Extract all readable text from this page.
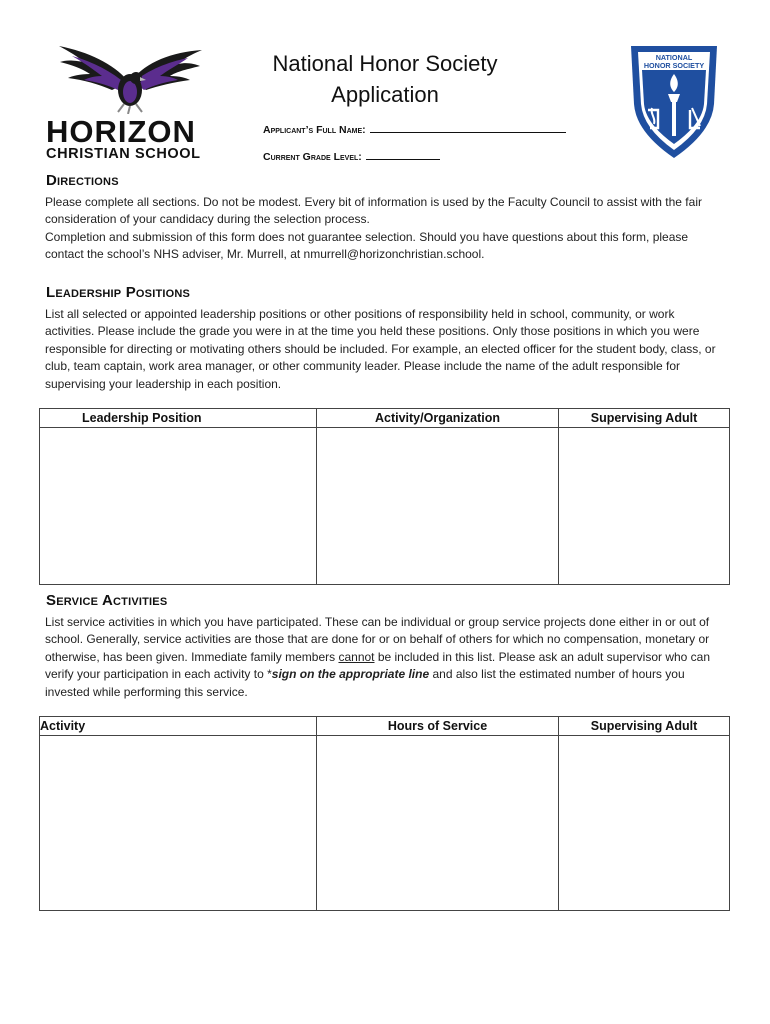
HORIZON
CHRISTIAN SCHOOL
National Honor Society
Application
Applicant’s Full Name:
Current Grade Level:
NATIONAL
HONOR SOCIETY
Directions

Please complete all sections. Do not be modest. Every bit of information is used by the Faculty Council to assist with the fair consideration of your candidacy during the selection process.

Completion and submission of this form does not guarantee selection. Should you have questions about this form, please contact the school’s NHS adviser, Mr. Murrell, at nmurrell@horizonchristian.school.

Leadership Positions

List all selected or appointed leadership positions or other positions of responsibility held in school, community, or work activities. Please include the grade you were in at the time you held these positions. Only those positions in which you were responsible for directing or motivating others should be included. For example, an elected officer for the student body, class, or club, team captain, work area manager, or other community leader. Please include the name of the adult responsible for supervising your leadership in each position.

Leadership Position	Activity/Organization	Supervising Adult

Service Activities

List service activities in which you have participated. These can be individual or group service projects done either in or out of school. Generally, service activities are those that are done for or on behalf of others for which no compensation, monetary or otherwise, has been given. Immediate family members cannot be included in this list. Please ask an adult supervisor who can verify your participation in each activity to *sign on the appropriate line and also list the estimated number of hours you invested while performing this service.

Activity	Hours of Service	Supervising Adult
